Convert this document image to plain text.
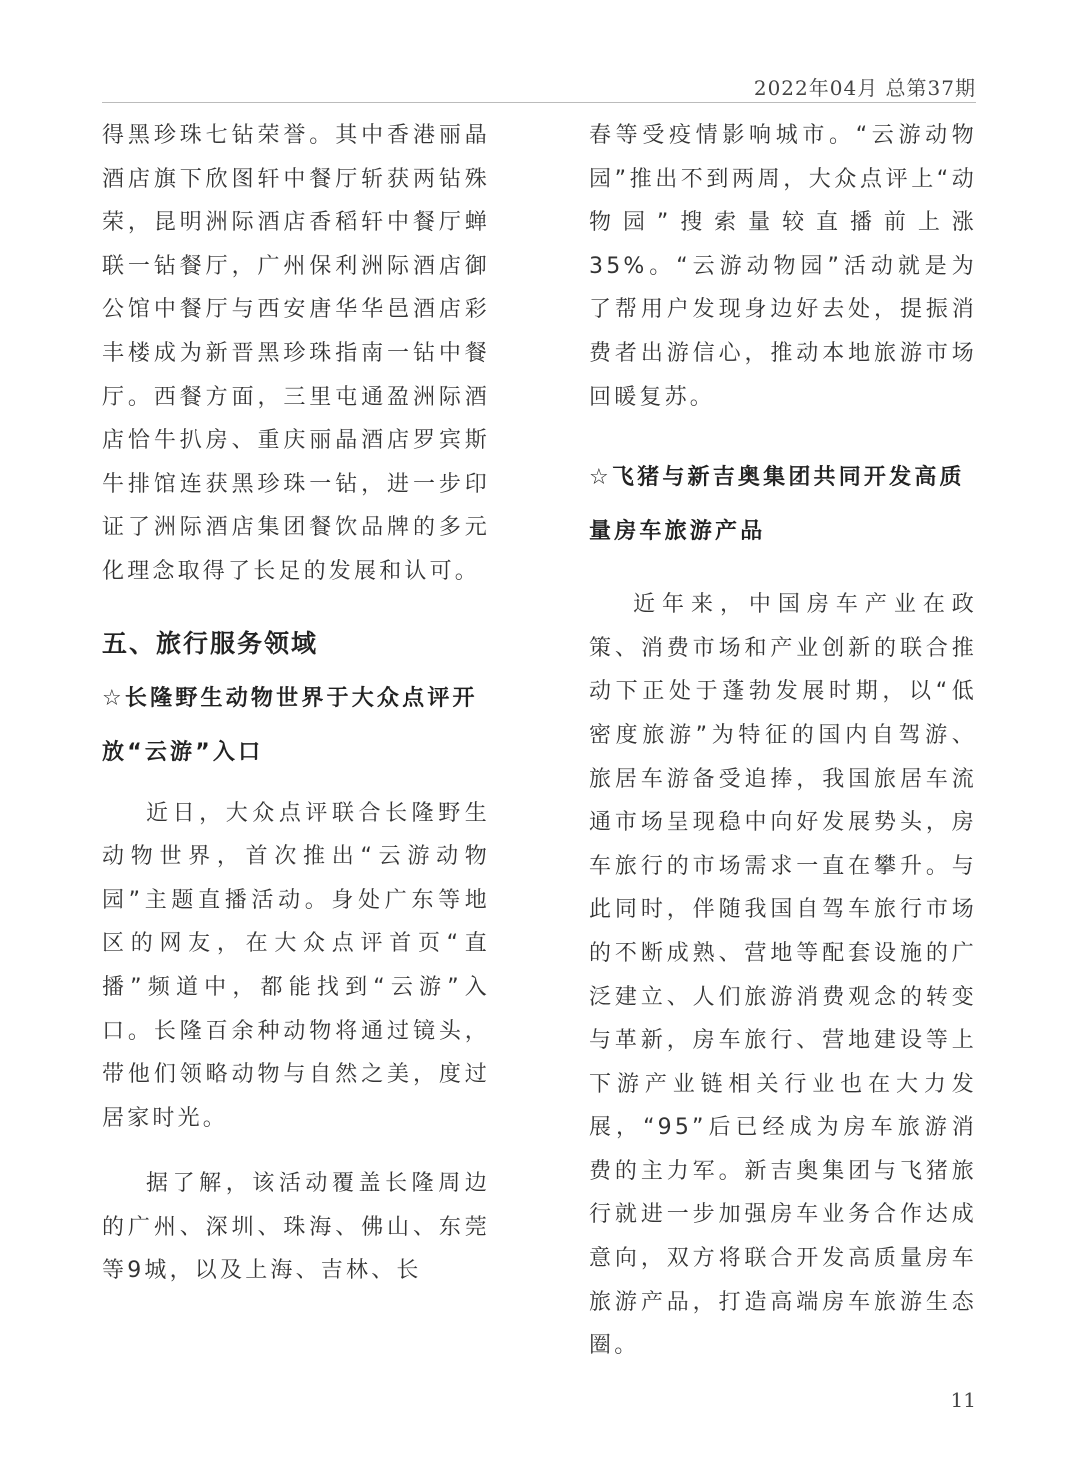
2022年04月 总第37期

得黑珍珠七钻荣誉。其中香港丽晶酒店旗下欣图轩中餐厅斩获两钻殊荣，昆明洲际酒店香稻轩中餐厅蝉联一钻餐厅，广州保利洲际酒店御公馆中餐厅与西安唐华华邑酒店彩丰楼成为新晋黑珍珠指南一钻中餐厅。西餐方面，三里屯通盈洲际酒店恰牛扒房、重庆丽晶酒店罗宾斯牛排馆连获黑珍珠一钻，进一步印证了洲际酒店集团餐饮品牌的多元化理念取得了长足的发展和认可。

五、旅行服务领域

☆长隆野生动物世界于大众点评开放“云游”入口

近日，大众点评联合长隆野生动物世界，首次推出“云游动物园”主题直播活动。身处广东等地区的网友，在大众点评首页“直播”频道中，都能找到“云游”入口。长隆百余种动物将通过镜头，带他们领略动物与自然之美，度过居家时光。

据了解，该活动覆盖长隆周边的广州、深圳、珠海、佛山、东莞等9城，以及上海、吉林、长

春等受疫情影响城市。“云游动物园”推出不到两周，大众点评上“动物园”搜索量较直播前上涨35%。“云游动物园”活动就是为了帮用户发现身边好去处，提振消费者出游信心，推动本地旅游市场回暖复苏。

☆飞猪与新吉奥集团共同开发高质量房车旅游产品

近年来，中国房车产业在政策、消费市场和产业创新的联合推动下正处于蓬勃发展时期，以“低密度旅游”为特征的国内自驾游、旅居车游备受追捧，我国旅居车流通市场呈现稳中向好发展势头，房车旅行的市场需求一直在攀升。与此同时，伴随我国自驾车旅行市场的不断成熟、营地等配套设施的广泛建立、人们旅游消费观念的转变与革新，房车旅行、营地建设等上下游产业链相关行业也在大力发展，“95”后已经成为房车旅游消费的主力军。新吉奥集团与飞猪旅行就进一步加强房车业务合作达成意向，双方将联合开发高质量房车旅游产品，打造高端房车旅游生态圈。

11
